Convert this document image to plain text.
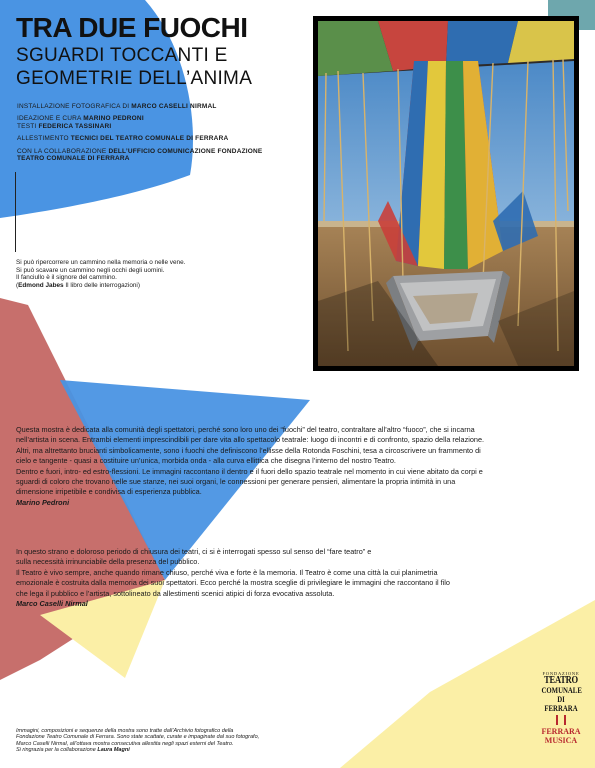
TRA DUE FUOCHI
SGUARDI TOCCANTI E
GEOMETRIE DELL’ANIMA
INSTALLAZIONE FOTOGRAFICA DI MARCO CASELLI NIRMAL
IDEAZIONE E CURA MARINO PEDRONI
TESTI FEDERICA TASSINARI
ALLESTIMENTO TECNICI DEL TEATRO COMUNALE DI FERRARA
CON LA COLLABORAZIONE DELL’UFFICIO COMUNICAZIONE FONDAZIONE
TEATRO COMUNALE DI FERRARA
Si può ripercorrere un cammino nella memoria o nelle vene.
Si può scavare un cammino negli occhi degli uomini.
Il fanciullo è il signore del cammino.
(Edmond Jabes Il libro delle interrogazioni)
Questa mostra è dedicata alla comunità degli spettatori, perché sono loro uno dei “fuochi” del teatro, contraltare all’altro “fuoco”, che si incarna
nell’artista in scena. Entrambi elementi imprescindibili per dare vita allo spettacolo teatrale: luogo di incontri e di confronto, spazio della relazione.
Altri, ma altrettanto brucianti simbolicamente, sono i fuochi che definiscono l’ellisse della Rotonda Foschini, tesa a circoscrivere un frammento di
cielo e tangente - quasi a costituire un’unica, morbida onda - alla curva ellittica che disegna l’interno del nostro Teatro.
Dentro e fuori, intro- ed estro-flessioni. Le immagini raccontano il dentro e il fuori dello spazio teatrale nel momento in cui viene abitato da corpi e
sguardi di coloro che trovano nelle sue stanze, nei suoi organi, le connessioni per generare pensieri, alimentare la propria intimità in una
dimensione irripetibile e condivisa di esperienza pubblica.
Marino Pedroni
In questo strano e doloroso periodo di chiusura dei teatri, ci si è interrogati spesso sul senso del “fare teatro” e
sulla necessità irrinunciabile della presenza del pubblico.
Il Teatro è vivo sempre, anche quando rimane chiuso, perché viva e forte è la memoria. Il Teatro è come una città la cui planimetria
emozionale è costruita dalla memoria dei suoi spettatori. Ecco perché la mostra sceglie di privilegiare le immagini che raccontano il filo
che lega il pubblico e l’artista, sottolineato da allestimenti scenici atipici di forza evocativa assoluta.
Marco Caselli Nirmal
Immagini, composizioni e sequenze della mostra sono tratte dall’Archivio fotografico della
Fondazione Teatro Comunale di Ferrara. Sono state scattate, curate e impaginate dal suo fotografo,
Marco Caselli Nirmal, all’ottava mostra consecutiva allestita negli spazi esterni del Teatro.
Si ringrazia per la collaborazione Laura Magni
FONDAZIONE
TEATRO
COMUNALE
DI FERRARA
FERRARA
MUSICA
